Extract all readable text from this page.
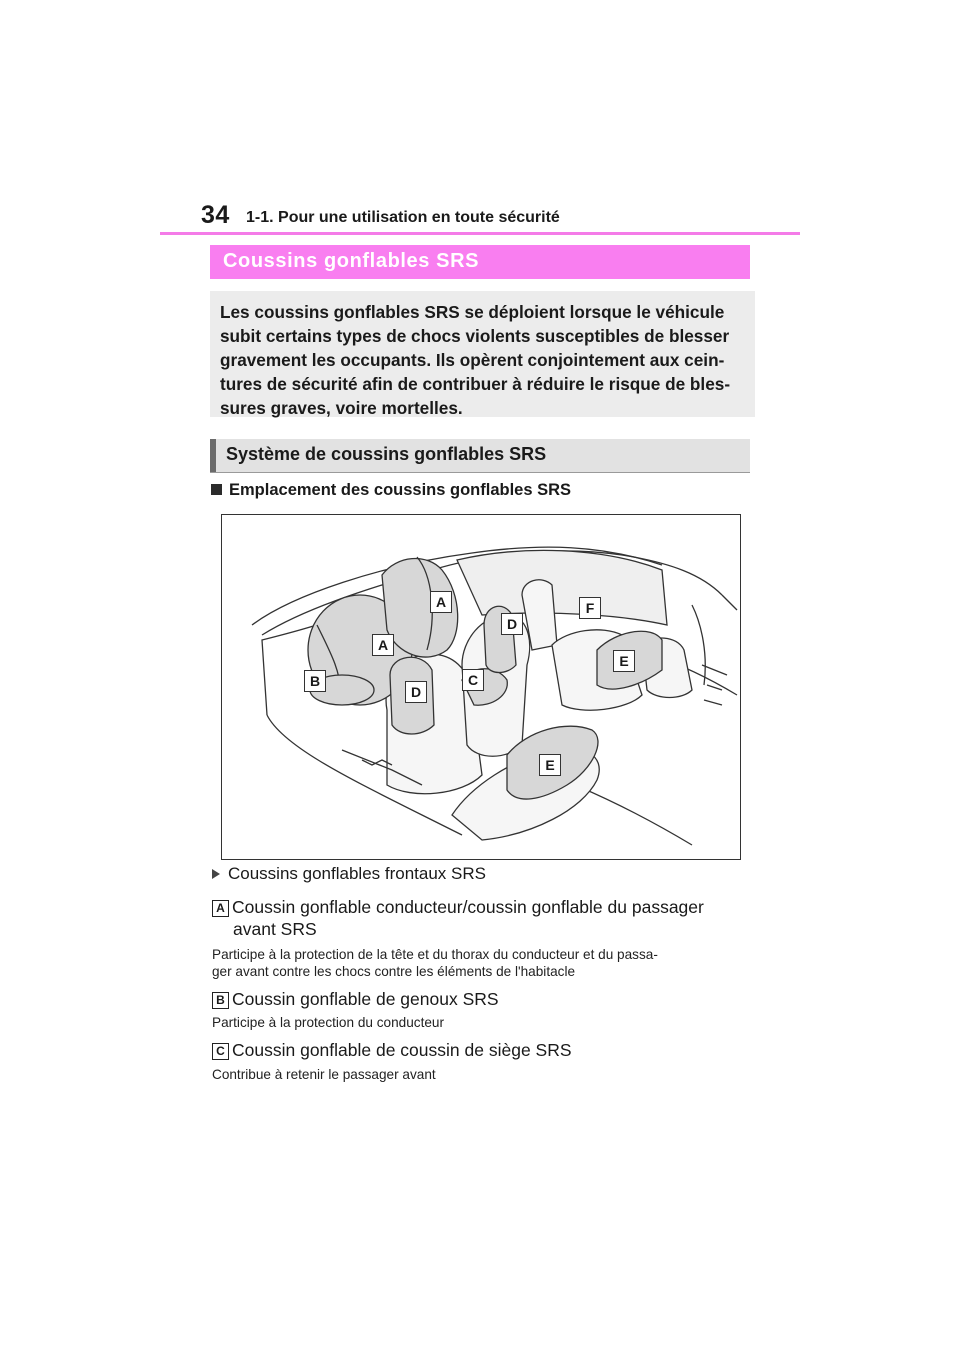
34 1-1. Pour une utilisation en toute sécurité
Coussins gonflables SRS

Les coussins gonflables SRS se déploient lorsque le véhicule

subit certains types de chocs violents susceptibles de blesser

gravement les occupants. Ils opèrent conjointement aux cein-

tures de sécurité afin de contribuer à réduire le risque de bles-

sures graves, voire mortelles.

Système de coussins gonflables SRS
Emplacement des coussins gonflables SRS
A
A
B	C
D
D
E
E
F
Coussins gonflables frontaux SRS
A Coussin gonflable conducteur/coussin gonflable du passager
avant SRS
Participe à la protection de la tête et du thorax du conducteur et du passa-
ger avant contre les chocs contre les éléments de l'habitacle
B Coussin gonflable de genoux SRS
Participe à la protection du conducteur
C Coussin gonflable de coussin de siège SRS
Contribue à retenir le passager avant
